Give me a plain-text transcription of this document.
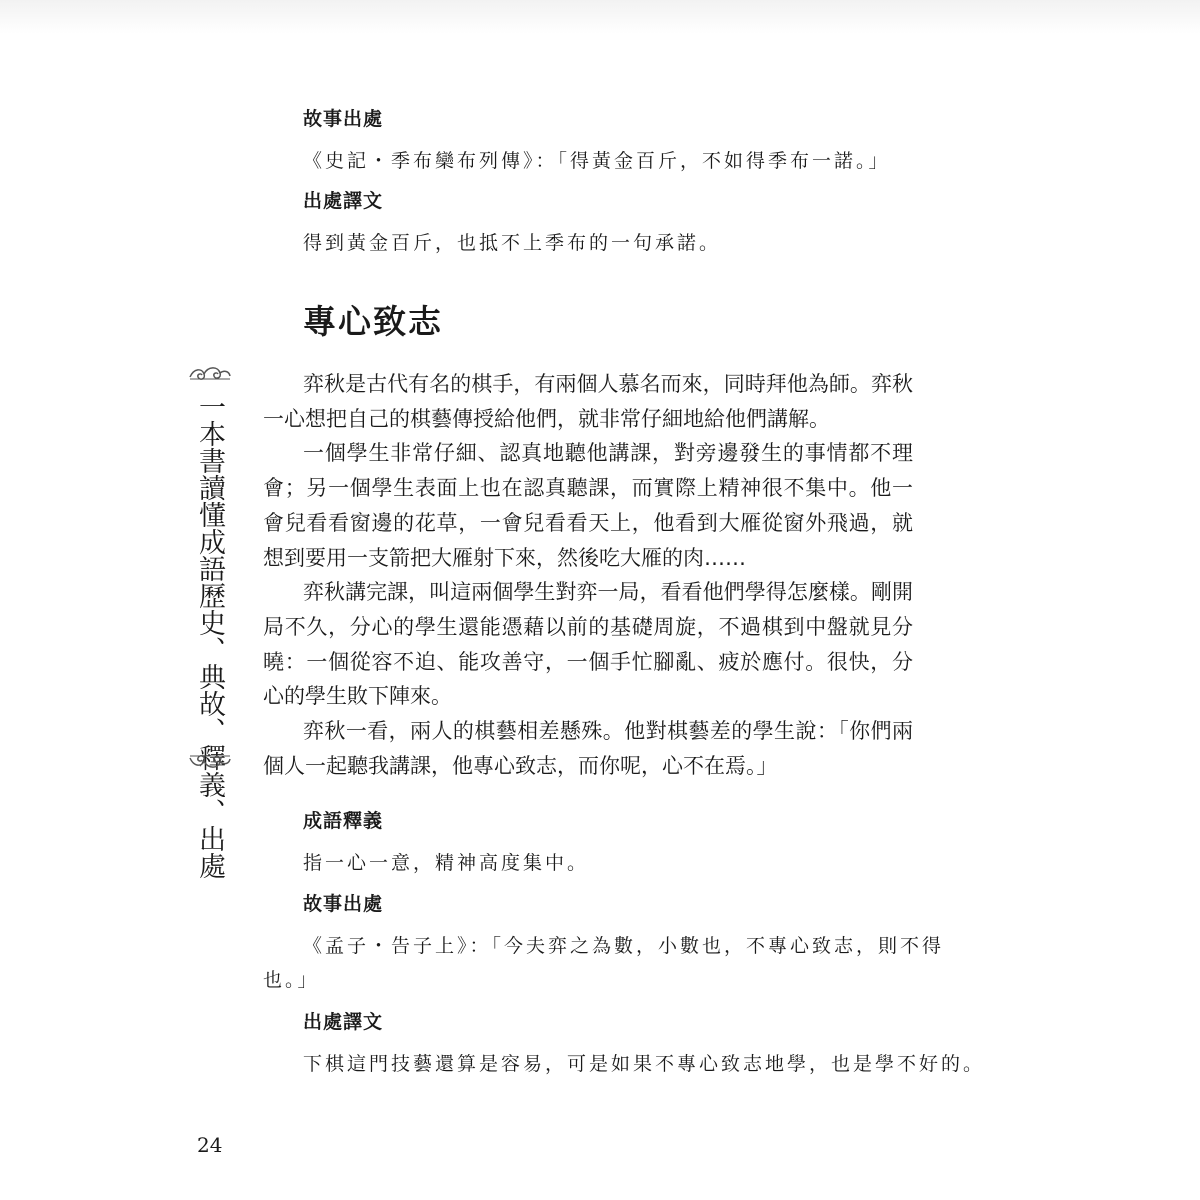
故事出處

《史記・季布欒布列傳》：「得黃金百斤，不如得季布一諾。」

出處譯文

得到黃金百斤，也抵不上季布的一句承諾。

專心致志

弈秋是古代有名的棋手，有兩個人慕名而來，同時拜他為師。弈秋一心想把自己的棋藝傳授給他們，就非常仔細地給他們講解。

一個學生非常仔細、認真地聽他講課，對旁邊發生的事情都不理會；另一個學生表面上也在認真聽課，而實際上精神很不集中。他一會兒看看窗邊的花草，一會兒看看天上，他看到大雁從窗外飛過，就想到要用一支箭把大雁射下來，然後吃大雁的肉……

弈秋講完課，叫這兩個學生對弈一局，看看他們學得怎麼樣。剛開局不久，分心的學生還能憑藉以前的基礎周旋，不過棋到中盤就見分曉：一個從容不迫、能攻善守，一個手忙腳亂、疲於應付。很快，分心的學生敗下陣來。

弈秋一看，兩人的棋藝相差懸殊。他對棋藝差的學生說：「你們兩個人一起聽我講課，他專心致志，而你呢，心不在焉。」

成語釋義

指一心一意，精神高度集中。

故事出處

《孟子・告子上》：「今夫弈之為數，小數也，不專心致志，則不得

也。」

出處譯文

下棋這門技藝還算是容易，可是如果不專心致志地學，也是學不好的。

一本書讀懂成語歷史、典故、釋義、出處
24
